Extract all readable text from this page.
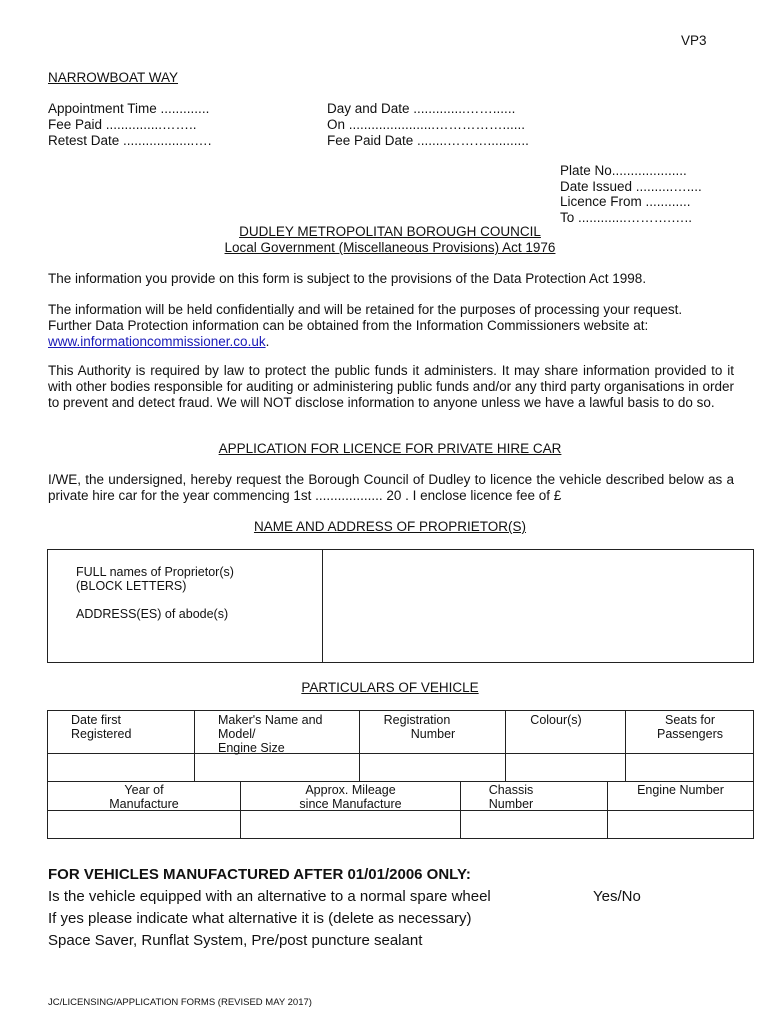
VP3
NARROWBOAT WAY
Appointment Time .............
Fee Paid ...............……..
Retest Date ...................….
Day and Date ..............……......
On .......................……………......
Fee Paid Date ........………...........
Plate No....................
Date Issued ..........…....
Licence From ............
To .............……….…..
DUDLEY METROPOLITAN BOROUGH COUNCIL
Local Government (Miscellaneous Provisions) Act 1976
The information you provide on this form is subject to the provisions of the Data Protection Act 1998.
The information will be held confidentially and will be retained for the purposes of processing your request.
Further Data Protection information can be obtained from the Information Commissioners website at:
www.informationcommissioner.co.uk.
This Authority is required by law to protect the public funds it administers. It may share information provided to it with other bodies responsible for auditing or administering public funds and/or any third party organisations in order to prevent and detect fraud. We will NOT disclose information to anyone unless we have a lawful basis to do so.
APPLICATION FOR LICENCE FOR PRIVATE HIRE CAR
I/WE, the undersigned, hereby request the Borough Council of Dudley to licence the vehicle described below as a private hire car for the year commencing 1st .................. 20 . I enclose licence fee of £
NAME AND ADDRESS OF PROPRIETOR(S)
FULL names of Proprietor(s)
(BLOCK LETTERS)
ADDRESS(ES) of abode(s)
PARTICULARS OF VEHICLE
Date first
Registered
Maker's Name and
Model/
Engine Size
Registration
Number
Colour(s)	Seats for
Passengers
Year of
Manufacture
Approx. Mileage
since Manufacture
Chassis
Number
Engine Number
FOR VEHICLES MANUFACTURED AFTER 01/01/2006 ONLY:
Is the vehicle equipped with an alternative to a normal spare wheel	Yes/No
If yes please indicate what alternative it is (delete as necessary)
Space Saver, Runflat System, Pre/post puncture sealant
JC/LICENSING/APPLICATION FORMS (REVISED MAY 2017)
